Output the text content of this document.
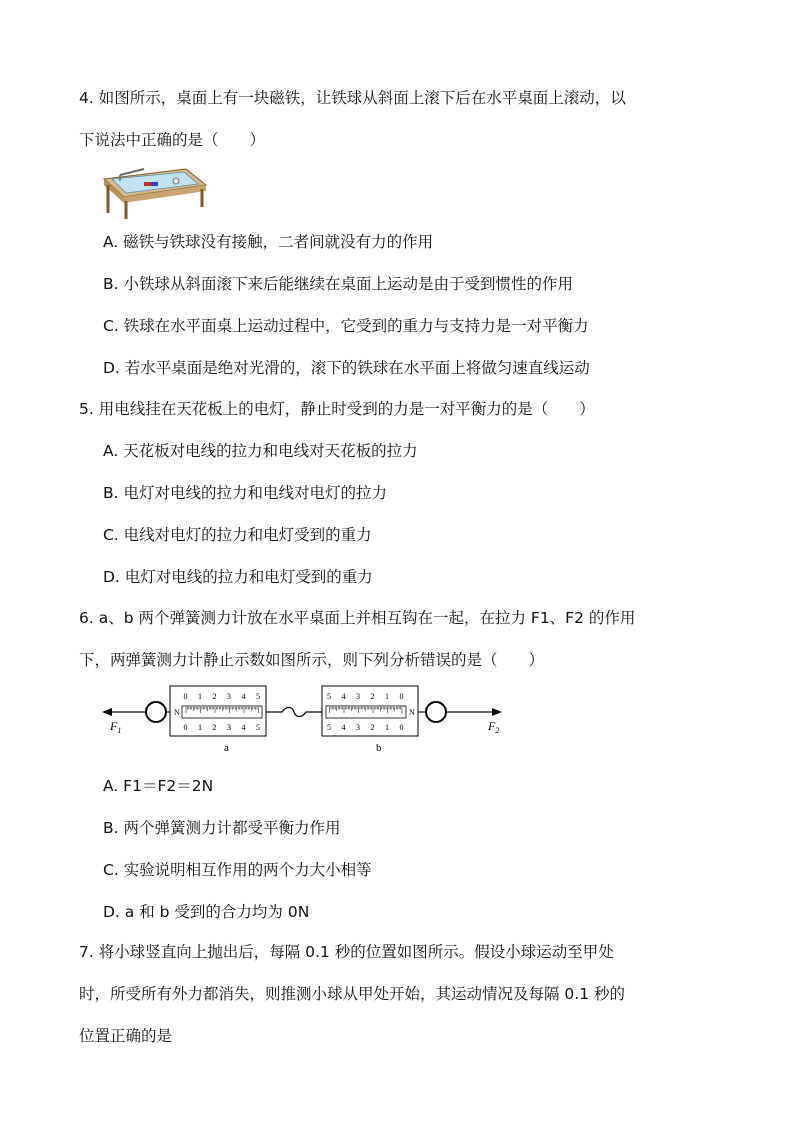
4. 如图所示，桌面上有一块磁铁，让铁球从斜面上滚下后在水平桌面上滚动，以
下说法中正确的是（　　）
A. 磁铁与铁球没有接触，二者间就没有力的作用
B. 小铁球从斜面滚下来后能继续在桌面上运动是由于受到惯性的作用
C. 铁球在水平面桌上运动过程中，它受到的重力与支持力是一对平衡力
D. 若水平桌面是绝对光滑的，滚下的铁球在水平面上将做匀速直线运动
5. 用电线挂在天花板上的电灯，静止时受到的力是一对平衡力的是（　　）
A. 天花板对电线的拉力和电线对天花板的拉力
B. 电灯对电线的拉力和电线对电灯的拉力
C. 电线对电灯的拉力和电灯受到的重力
D. 电灯对电线的拉力和电灯受到的重力
6. a、b 两个弹簧测力计放在水平桌面上并相互钩在一起，在拉力 F1、F2 的作用
下，两弹簧测力计静止示数如图所示，则下列分析错误的是（　　）
$F_1$
N
0 1 2 3 4 5
0 1 2 3 4 5
a
N
0
1
2
3
4
5
0
1
2
3
4
5
b
$F_2$
A. F1＝F2＝2N
B. 两个弹簧测力计都受平衡力作用
C. 实验说明相互作用的两个力大小相等
D. a 和 b 受到的合力均为 0N
7. 将小球竖直向上抛出后，每隔 0.1 秒的位置如图所示。假设小球运动至甲处
时，所受所有外力都消失，则推测小球从甲处开始，其运动情况及每隔 0.1 秒的
位置正确的是
